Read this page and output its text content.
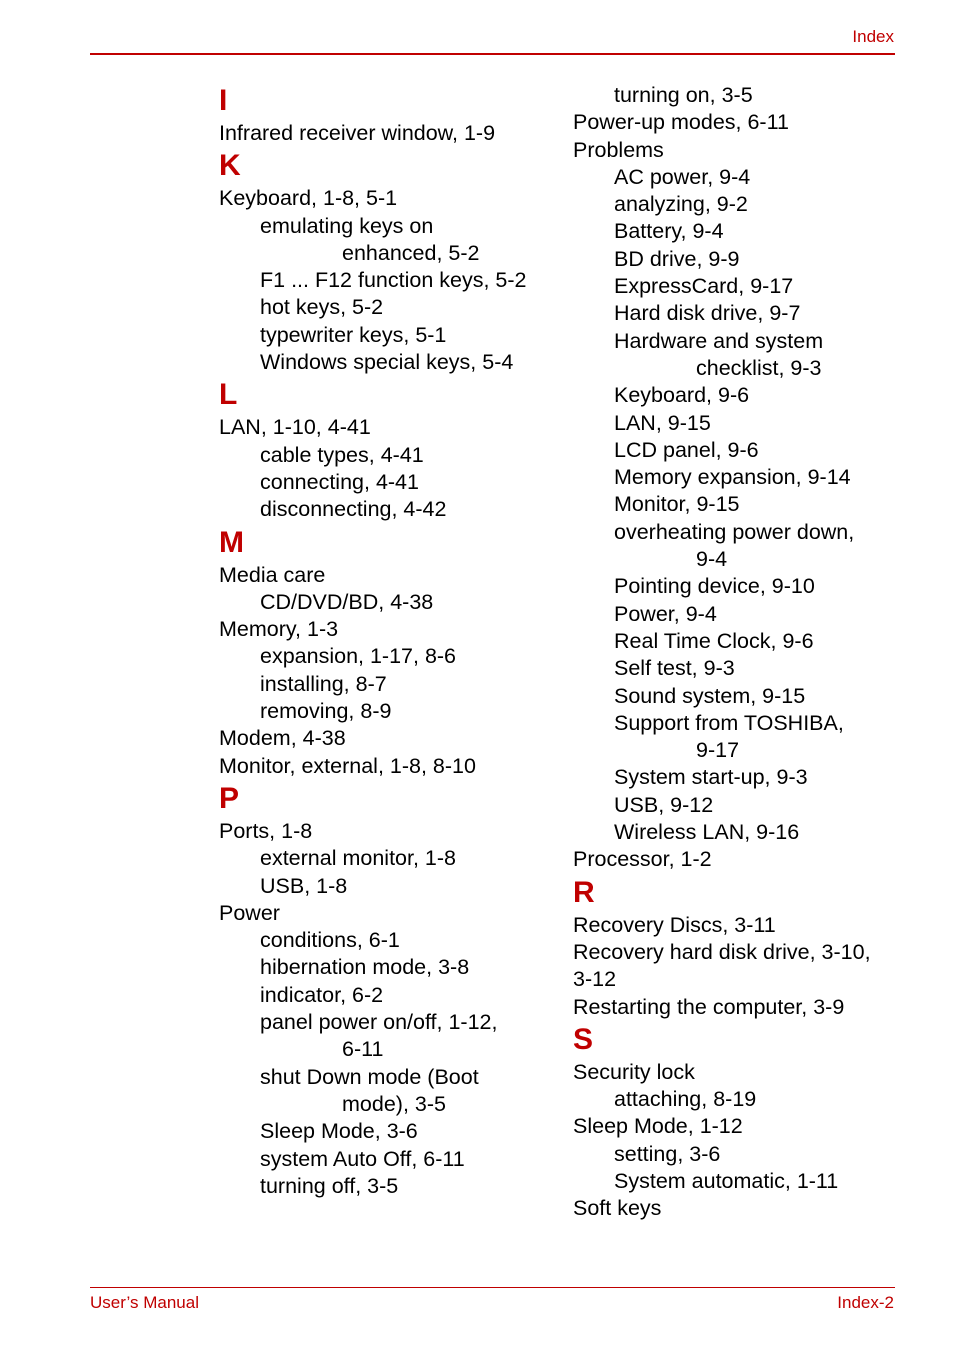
Index
I
Infrared receiver window, 1-9
K
Keyboard, 1-8, 5-1
emulating keys on
enhanced, 5-2
F1 ... F12 function keys, 5-2
hot keys, 5-2
typewriter keys, 5-1
Windows special keys, 5-4
L
LAN, 1-10, 4-41
cable types, 4-41
connecting, 4-41
disconnecting, 4-42
M
Media care
CD/DVD/BD, 4-38
Memory, 1-3
expansion, 1-17, 8-6
installing, 8-7
removing, 8-9
Modem, 4-38
Monitor, external, 1-8, 8-10
P
Ports, 1-8
external monitor, 1-8
USB, 1-8
Power
conditions, 6-1
hibernation mode, 3-8
indicator, 6-2
panel power on/off, 1-12,
6-11
shut Down mode (Boot
mode), 3-5
Sleep Mode, 3-6
system Auto Off, 6-11
turning off, 3-5
turning on, 3-5
Power-up modes, 6-11
Problems
AC power, 9-4
analyzing, 9-2
Battery, 9-4
BD drive, 9-9
ExpressCard, 9-17
Hard disk drive, 9-7
Hardware and system
checklist, 9-3
Keyboard, 9-6
LAN, 9-15
LCD panel, 9-6
Memory expansion, 9-14
Monitor, 9-15
overheating power down,
9-4
Pointing device, 9-10
Power, 9-4
Real Time Clock, 9-6
Self test, 9-3
Sound system, 9-15
Support from TOSHIBA,
9-17
System start-up, 9-3
USB, 9-12
Wireless LAN, 9-16
Processor, 1-2
R
Recovery Discs, 3-11
Recovery hard disk drive, 3-10,
3-12
Restarting the computer, 3-9
S
Security lock
attaching, 8-19
Sleep Mode, 1-12
setting, 3-6
System automatic, 1-11
Soft keys
User’s Manual	Index-2
